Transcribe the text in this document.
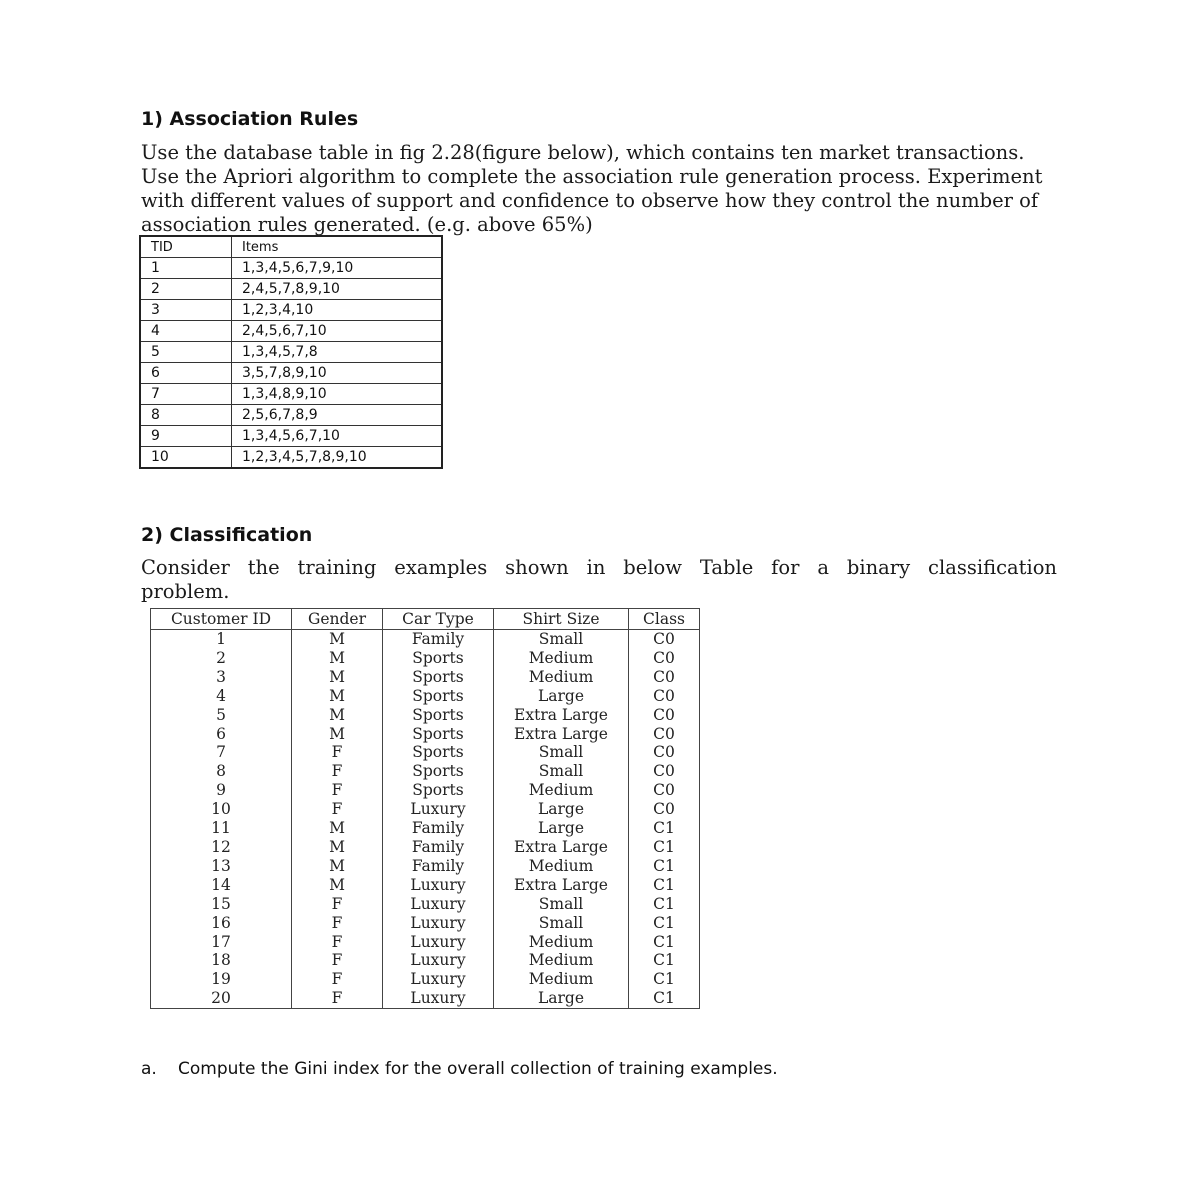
1) Association Rules
Use the database table in fig 2.28(figure below), which contains ten market transactions. Use the Apriori algorithm to complete the association rule generation process. Experiment with different values of support and confidence to observe how they control the number of association rules generated. (e.g. above 65%)
TID	Items
1	1,3,4,5,6,7,9,10
2	2,4,5,7,8,9,10
3	1,2,3,4,10
4	2,4,5,6,7,10
5	1,3,4,5,7,8
6	3,5,7,8,9,10
7	1,3,4,8,9,10
8	2,5,6,7,8,9
9	1,3,4,5,6,7,10
10	1,2,3,4,5,7,8,9,10
2) Classification
Consider the training examples shown in below Table for a binary classification problem.
Customer ID	Gender	Car Type	Shirt Size	Class
1	M	Family	Small	C0
2	M	Sports	Medium	C0
3	M	Sports	Medium	C0
4	M	Sports	Large	C0
5	M	Sports	Extra Large	C0
6	M	Sports	Extra Large	C0
7	F	Sports	Small	C0
8	F	Sports	Small	C0
9	F	Sports	Medium	C0
10	F	Luxury	Large	C0
11	M	Family	Large	C1
12	M	Family	Extra Large	C1
13	M	Family	Medium	C1
14	M	Luxury	Extra Large	C1
15	F	Luxury	Small	C1
16	F	Luxury	Small	C1
17	F	Luxury	Medium	C1
18	F	Luxury	Medium	C1
19	F	Luxury	Medium	C1
20	F	Luxury	Large	C1
a. Compute the Gini index for the overall collection of training examples.
